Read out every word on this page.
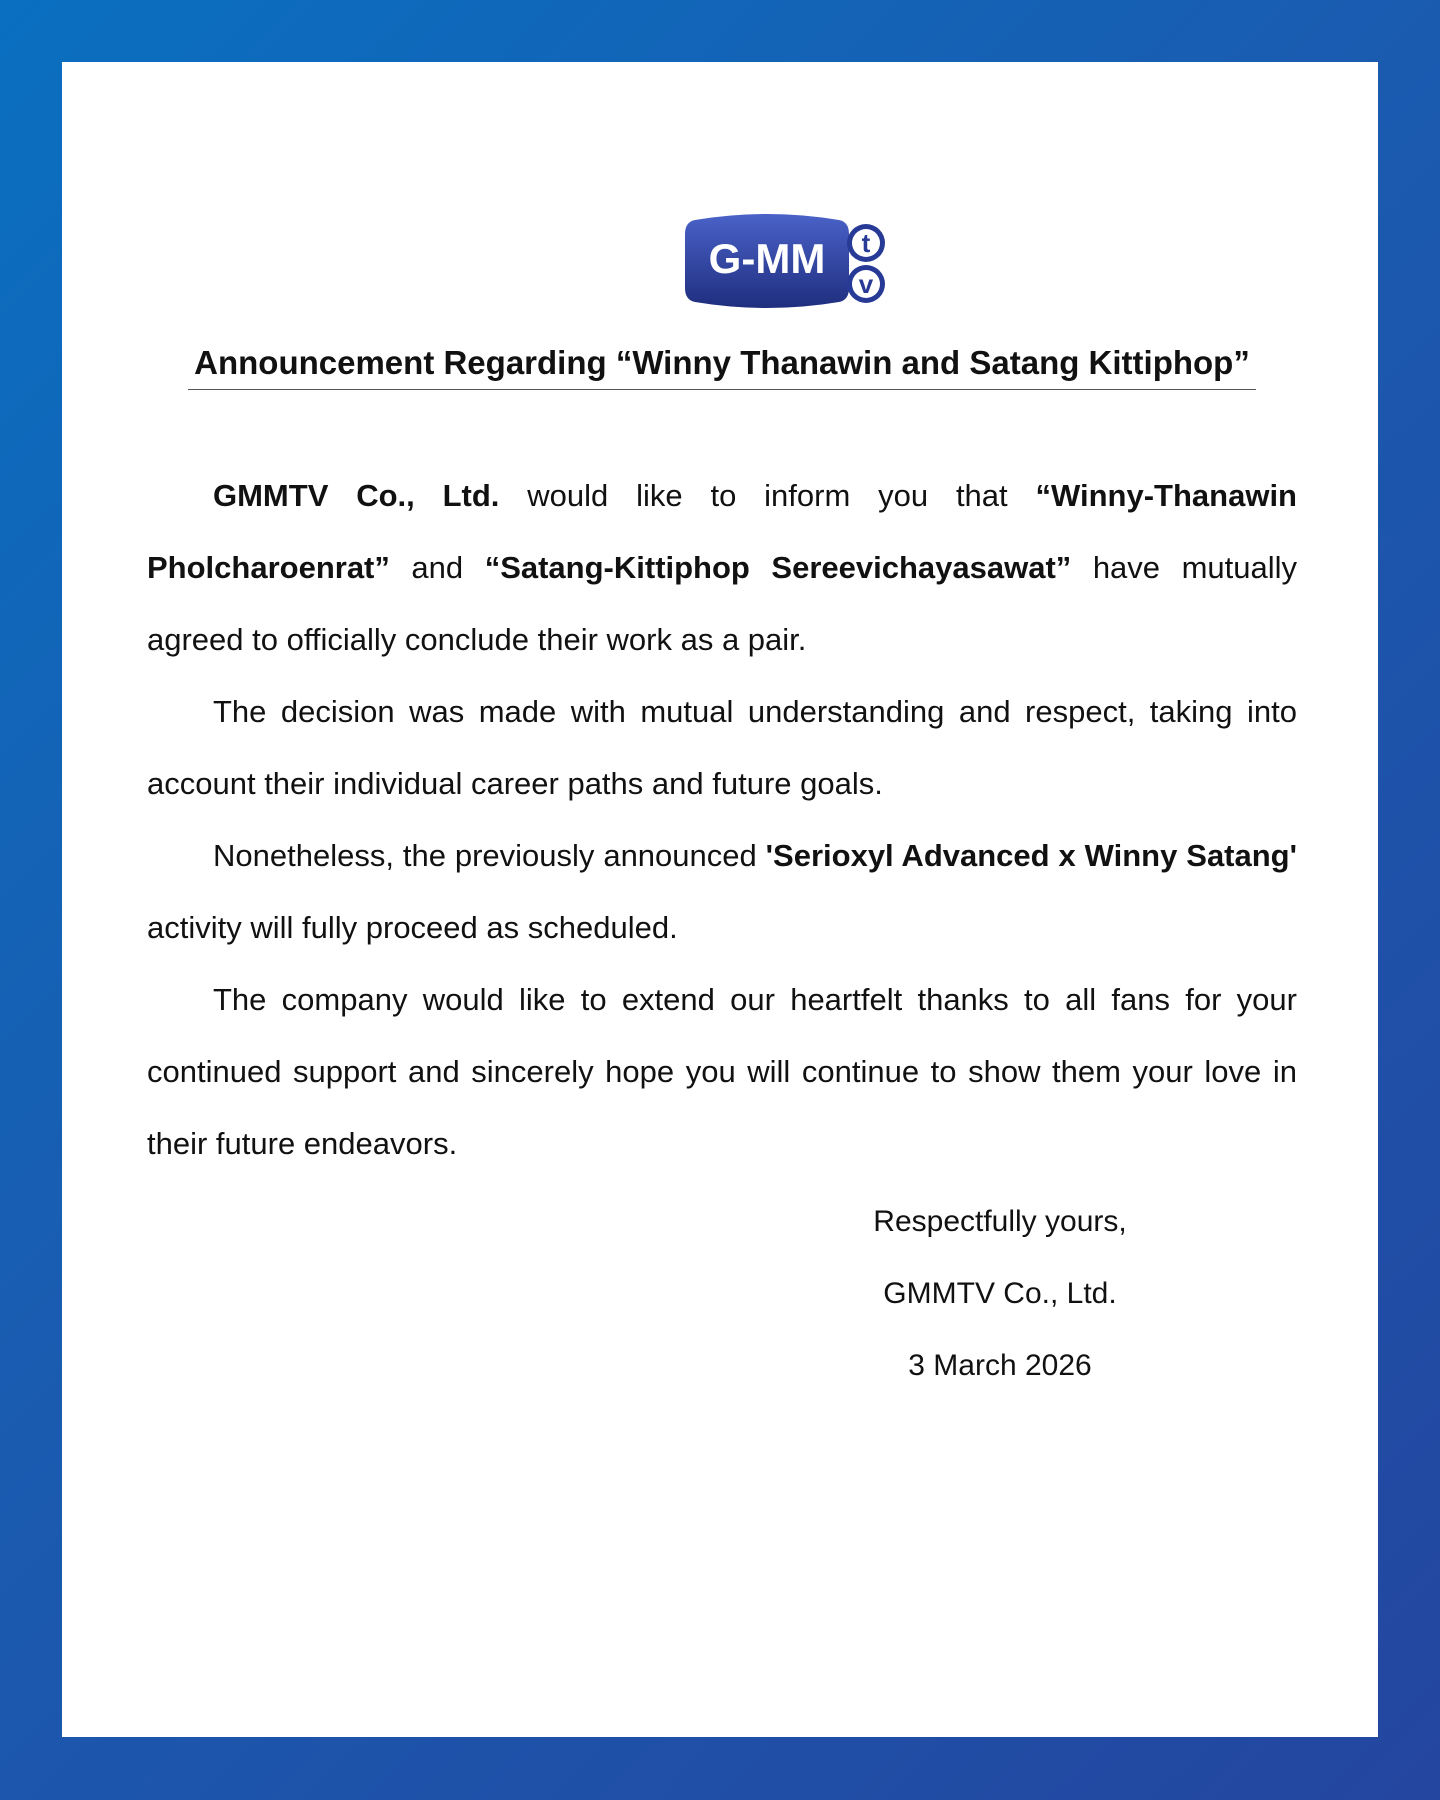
G-MM t
v
Announcement Regarding “Winny Thanawin and Satang Kittiphop”

GMMTV Co., Ltd. would like to inform you that “Winny-Thanawin Pholcharoenrat” and “Satang-Kittiphop Sereevichayasawat” have mutually agreed to officially conclude their work as a pair.

The decision was made with mutual understanding and respect, taking into account their individual career paths and future goals.

Nonetheless, the previously announced 'Serioxyl Advanced x Winny Satang' activity will fully proceed as scheduled.

The company would like to extend our heartfelt thanks to all fans for your continued support and sincerely hope you will continue to show them your love in their future endeavors.

Respectfully yours,
GMMTV Co., Ltd.
3 March 2026
